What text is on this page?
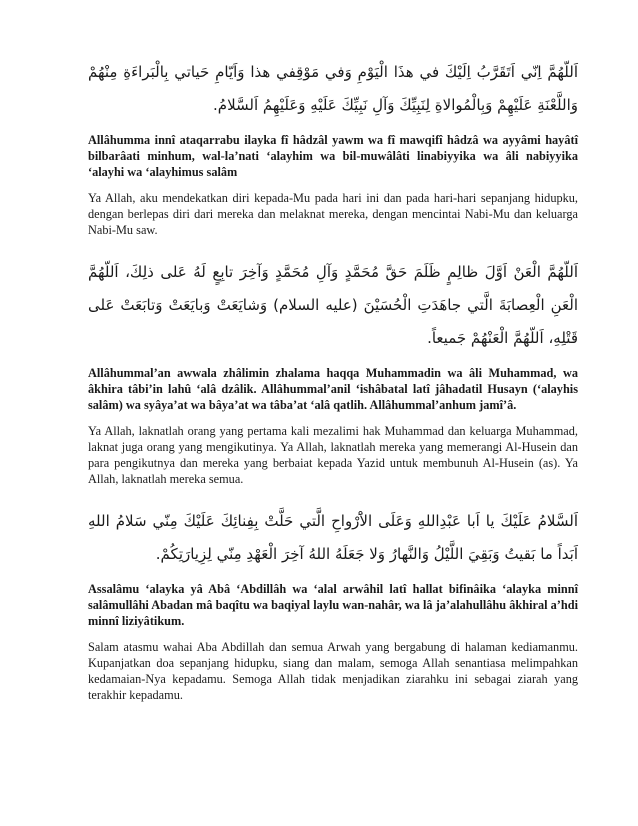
اَللّهُمَّ اِنّي اَتَقَرَّبُ اِلَيْكَ في هذَا الْيَوْمِ وَفي مَوْقِفي هذا وَاَيّامِ حَياتي بِالْبَراءَةِ مِنْهُمْ وَاللَّعْنَةِ عَلَيْهِمْ وَبِالْمُوالاةِ لِنَبِيِّكَ وَآلِ نَبِيِّكَ عَلَيْهِ وَعَلَيْهِمُ اَلسَّلامُ.

Allâhumma innî ataqarrabu ilayka fî hâdzâl yawm wa fî mawqifî hâdzâ wa ayyâmi hayâtî bilbarâati minhum, wal-la’nati ‘alayhim wa bil-muwâlâti linabiyyika wa âli nabiyyika ‘alayhi wa ‘alayhimus salâm

Ya Allah, aku mendekatkan diri kepada-Mu pada hari ini dan pada hari-hari sepanjang hidupku, dengan berlepas diri dari mereka dan melaknat mereka, dengan mencintai Nabi-Mu dan keluarga Nabi-Mu saw.

اَللّهُمَّ الْعَنْ اَوَّلَ ظالِمٍ ظَلَمَ حَقَّ مُحَمَّدٍ وَآلِ مُحَمَّدٍ وَآخِرَ تابِعٍ لَهُ عَلى ذلِكَ، اَللّهُمَّ الْعَنِ الْعِصابَةَ الَّتي جاهَدَتِ الْحُسَيْنَ (عليه السلام) وَشايَعَتْ وَبايَعَتْ وَتابَعَتْ عَلى قَتْلِهِ، اَللّهُمَّ الْعَنْهُمْ جَميعاً.

Allâhummal’an awwala zhâlimin zhalama haqqa Muhammadin wa âli Muhammad, wa âkhira tâbi’in lahû ‘alâ dzâlik. Allâhummal’anil ‘ishâbatal latî jâhadatil Husayn (‘alayhis salâm) wa syâya’at wa bâya’at wa tâba’at ‘alâ qatlih. Allâhummal’anhum jamî’â.

Ya Allah, laknatlah orang yang pertama kali mezalimi hak Muhammad dan keluarga Muhammad, laknat juga orang yang mengikutinya. Ya Allah, laknatlah mereka yang memerangi Al-Husein dan para pengikutnya dan mereka yang berbaiat kepada Yazid untuk membunuh Al-Husein (as). Ya Allah, laknatlah mereka semua.

اَلسَّلامُ عَلَيْكَ يا اَبا عَبْدِاللهِ وَعَلَى الاَْرْواحِ الَّتي حَلَّتْ بِفِنائِكَ عَلَيْكَ مِنّي سَلامُ اللهِ اَبَداً ما بَقيتُ وَبَقِيَ اللَّيْلُ وَالنَّهارُ وَلا جَعَلَهُ اللهُ آخِرَ الْعَهْدِ مِنّي لِزِيارَتِكُمْ.

Assalâmu ‘alayka yâ Abâ ‘Abdillâh wa ‘alal arwâhil latî hallat bifinâika ‘alayka minnî salâmullâhi Abadan mâ baqîtu wa baqiyal laylu wan-nahâr, wa lâ ja’alahullâhu âkhiral a’hdi minnî liziyâtikum.

Salam atasmu wahai Aba Abdillah dan semua Arwah yang bergabung di halaman kediamanmu. Kupanjatkan doa sepanjang hidupku, siang dan malam, semoga Allah senantiasa melimpahkan kedamaian-Nya kepadamu. Semoga Allah tidak menjadikan ziarahku ini sebagai ziarah yang terakhir kepadamu.
